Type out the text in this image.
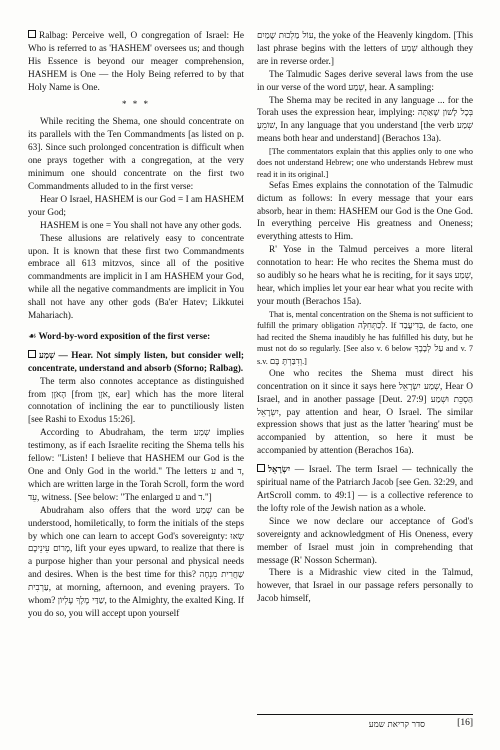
Ralbag: Perceive well, O congregation of Israel: He Who is referred to as 'HASHEM' oversees us; and though His Essence is beyond our meager comprehension, HASHEM is One — the Holy Being referred to by that Holy Name is One.

* * *

While reciting the Shema, one should concentrate on its parallels with the Ten Commandments [as listed on p. 63]. Since such prolonged concentration is difficult when one prays together with a congregation, at the very minimum one should concentrate on the first two Commandments alluded to in the first verse:

Hear O Israel, HASHEM is our God = I am HASHEM your God;

HASHEM is one = You shall not have any other gods.

These allusions are relatively easy to concentrate upon. It is known that these first two Commandments embrace all 613 mitzvos, since all of the positive commandments are implicit in I am HASHEM your God, while all the negative commandments are implicit in You shall not have any other gods (Ba'er Hatev; Likkutei Mahariach).

☙ Word-by-word exposition of the first verse:

שְׁמַע — Hear. Not simply listen, but consider well; concentrate, understand and absorb (Sforno; Ralbag).

The term also connotes acceptance as distinguished from הָאֹזֶן [from אֹזֶן, ear] which has the more literal connotation of inclining the ear to punctiliously listen [see Rashi to Exodus 15:26].

According to Abudraham, the term שְׁמַע implies testimony, as if each Israelite reciting the Shema tells his fellow: "Listen! I believe that HASHEM our God is the One and Only God in the world." The letters ע and ד, which are written large in the Torah Scroll, form the word עֵד, witness. [See below: "The enlarged ע and ד."]

Abudraham also offers that the word שְׁמַע can be understood, homiletically, to form the initials of the steps by which one can learn to accept God's sovereignty: שְׂאוּ מָרוֹם עֵינֵיכֶם, lift your eyes upward, to realize that there is a purpose higher than your personal and physical needs and desires. When is the best time for this? שַׁחֲרִית מִנְחָה עַרְבִית, at morning, afternoon, and evening prayers. To whom? שַׁדַּי מֶלֶךְ עֶלְיוֹן, to the Almighty, the exalted King. If you do so, you will accept upon yourself

עוֹל מַלְכוּת שָׁמַיִם, the yoke of the Heavenly kingdom. [This last phrase begins with the letters of שְׁמַע although they are in reverse order.]

The Talmudic Sages derive several laws from the use in our verse of the word שְׁמַע, hear. A sampling:

The Shema may be recited in any language ... for the Torah uses the expression hear, implying: בְּכָל לָשׁוֹן שֶׁאַתָּה שׁוֹמֵעַ, In any language that you understand [the verb שְׁמַע means both hear and understand] (Berachos 13a).

[The commentators explain that this applies only to one who does not understand Hebrew; one who understands Hebrew must read it in its original.]

Sefas Emes explains the connotation of the Talmudic dictum as follows: In every message that your ears absorb, hear in them: HASHEM our God is the One God. In everything perceive His greatness and Oneness; everything attests to Him.

R' Yose in the Talmud perceives a more literal connotation to hear: He who recites the Shema must do so audibly so he hears what he is reciting, for it says שְׁמַע, hear, which implies let your ear hear what you recite with your mouth (Berachos 15a).

That is, mental concentration on the Shema is not sufficient to fulfill the primary obligation לְכַתְּחִלָּה. If בְּדִיעֲבַד, de facto, one had recited the Shema inaudibly he has fulfilled his duty, but he must not do so regularly. [See also v. 6 below עַל לְבָבֶךָ and v. 7 s.v. וְדִבַּרְתָּ בָּם.]

One who recites the Shema must direct his concentration on it since it says here שְׁמַע יִשְׂרָאֵל, Hear O Israel, and in another passage [Deut. 27:9] הַסְכֵּת וּשְׁמַע יִשְׂרָאֵל, pay attention and hear, O Israel. The similar expression shows that just as the latter 'hearing' must be accompanied by attention, so here it must be accompanied by attention (Berachos 16a).

יִשְׂרָאֵל — Israel. The term Israel — technically the spiritual name of the Patriarch Jacob [see Gen. 32:29, and ArtScroll comm. to 49:1] — is a collective reference to the lofty role of the Jewish nation as a whole.

Since we now declare our acceptance of God's sovereignty and acknowledgment of His Oneness, every member of Israel must join in comprehending that message (R' Nosson Scherman).

There is a Midrashic view cited in the Talmud, however, that Israel in our passage refers personally to Jacob himself,

סדר קריאת שמע	[16]
